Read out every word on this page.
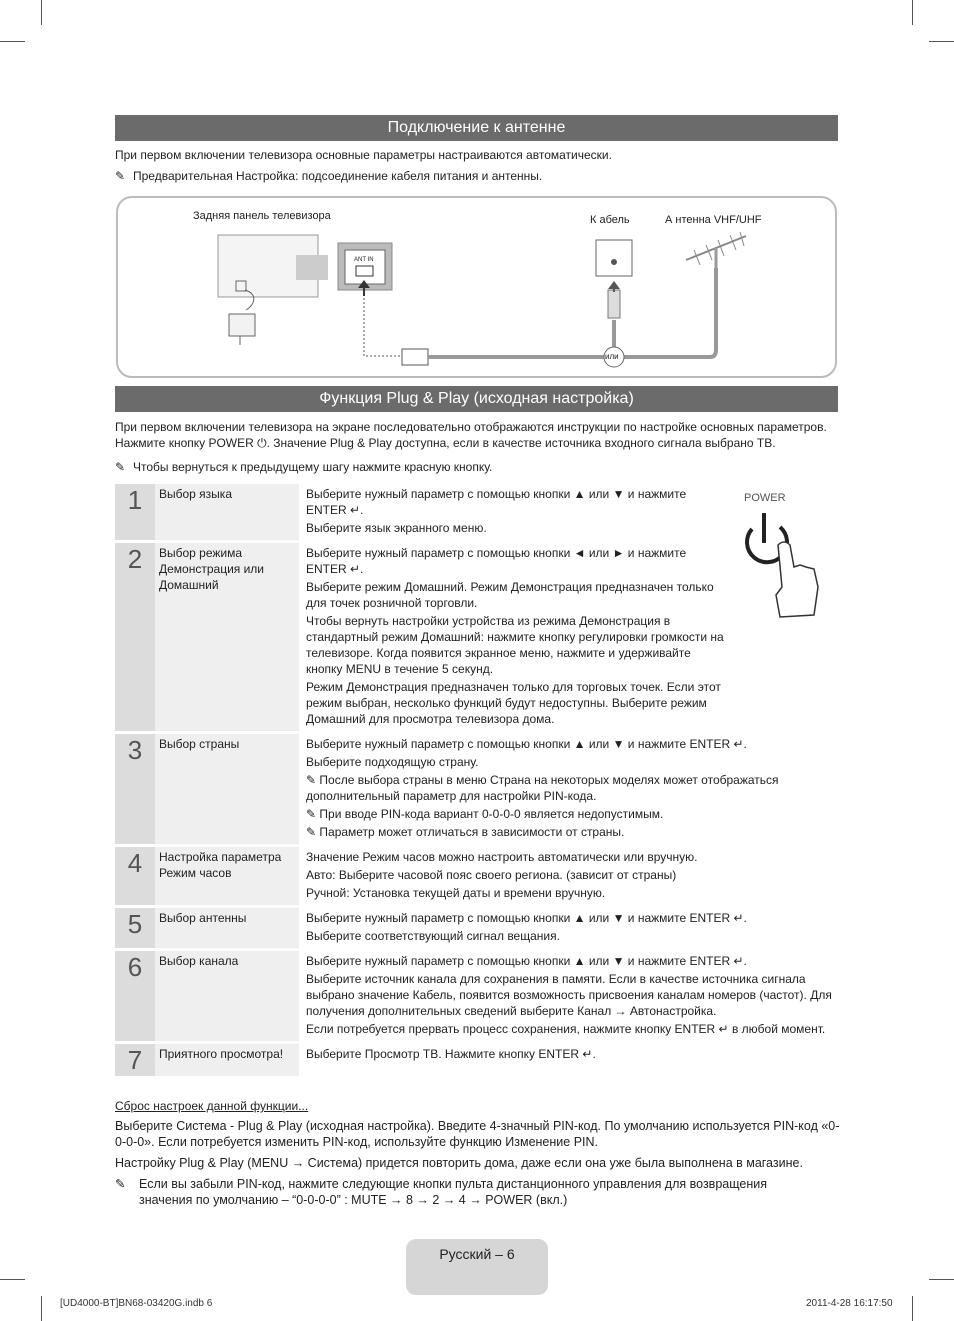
Подключение к антенне
При первом включении телевизора основные параметры настраиваются автоматически.
✎ Предварительная Настройка: подсоединение кабеля питания и антенны.
Задняя панель телевизора	К абель	А нтенна VHF/UHF
ANT IN
или
Функция Plug & Play (исходная настройка)
При первом включении телевизора на экране последовательно отображаются инструкции по настройке основных параметров.
Нажмите кнопку POWER ⏻. Значение Plug & Play доступна, если в качестве источника входного сигнала выбрано ТВ.
✎ Чтобы вернуться к предыдущему шагу нажмите красную кнопку.
1	Выбор языка	Выберите нужный параметр с помощью кнопки ▲ или ▼ и нажмите ENTER ↵.

Выберите язык экранного меню.

2	Выбор режима Демонстрация или Домашний

Выберите нужный параметр с помощью кнопки ◄ или ► и нажмите ENTER ↵.

Выберите режим Домашний. Режим Демонстрация предназначен только для точек розничной торговли.

Чтобы вернуть настройки устройства из режима Демонстрация в стандартный режим Домашний: нажмите кнопку регулировки громкости на телевизоре. Когда появится экранное меню, нажмите и удерживайте кнопку MENU в течение 5 секунд.

Режим Демонстрация предназначен только для торговых точек. Если этот режим выбран, несколько функций будут недоступны. Выберите режим Домашний для просмотра телевизора дома.

3	Выбор страны	Выберите нужный параметр с помощью кнопки ▲ или ▼ и нажмите ENTER ↵.

Выберите подходящую страну.

✎ После выбора страны в меню Страна на некоторых моделях может отображаться дополнительный параметр для настройки PIN-кода.

✎ При вводе PIN-кода вариант 0-0-0-0 является недопустимым.

✎ Параметр может отличаться в зависимости от страны.

4	Настройка параметра Режим часов

Значение Режим часов можно настроить автоматически или вручную.

Авто: Выберите часовой пояс своего региона. (зависит от страны)

Ручной: Установка текущей даты и времени вручную.

5	Выбор антенны	Выберите нужный параметр с помощью кнопки ▲ или ▼ и нажмите ENTER ↵.

Выберите соответствующий сигнал вещания.

6	Выбор канала	Выберите нужный параметр с помощью кнопки ▲ или ▼ и нажмите ENTER ↵.

Выберите источник канала для сохранения в памяти. Если в качестве источника сигнала выбрано значение Кабель, появится возможность присвоения каналам номеров (частот). Для получения дополнительных сведений выберите Канал → Автонастройка.

Если потребуется прервать процесс сохранения, нажмите кнопку ENTER ↵ в любой момент.

7	Приятного просмотра!	Выберите Просмотр ТВ. Нажмите кнопку ENTER ↵.

POWER
Сброс настроек данной функции...
Выберите Система - Plug & Play (исходная настройка). Введите 4-значный PIN-код. По умолчанию используется PIN-код «0-0-0-0». Если потребуется изменить PIN-код, используйте функцию Изменение PIN.
Настройку Plug & Play (MENU → Система) придется повторить дома, даже если она уже была выполнена в магазине.
✎	Если вы забыли PIN-код, нажмите следующие кнопки пульта дистанционного управления для возвращения значения по умолчанию – “0-0-0-0” : MUTE → 8 → 2 → 4 → POWER (вкл.)
Русский – 6
[UD4000-BT]BN68-03420G.indb 6	2011-4-28 16:17:50
